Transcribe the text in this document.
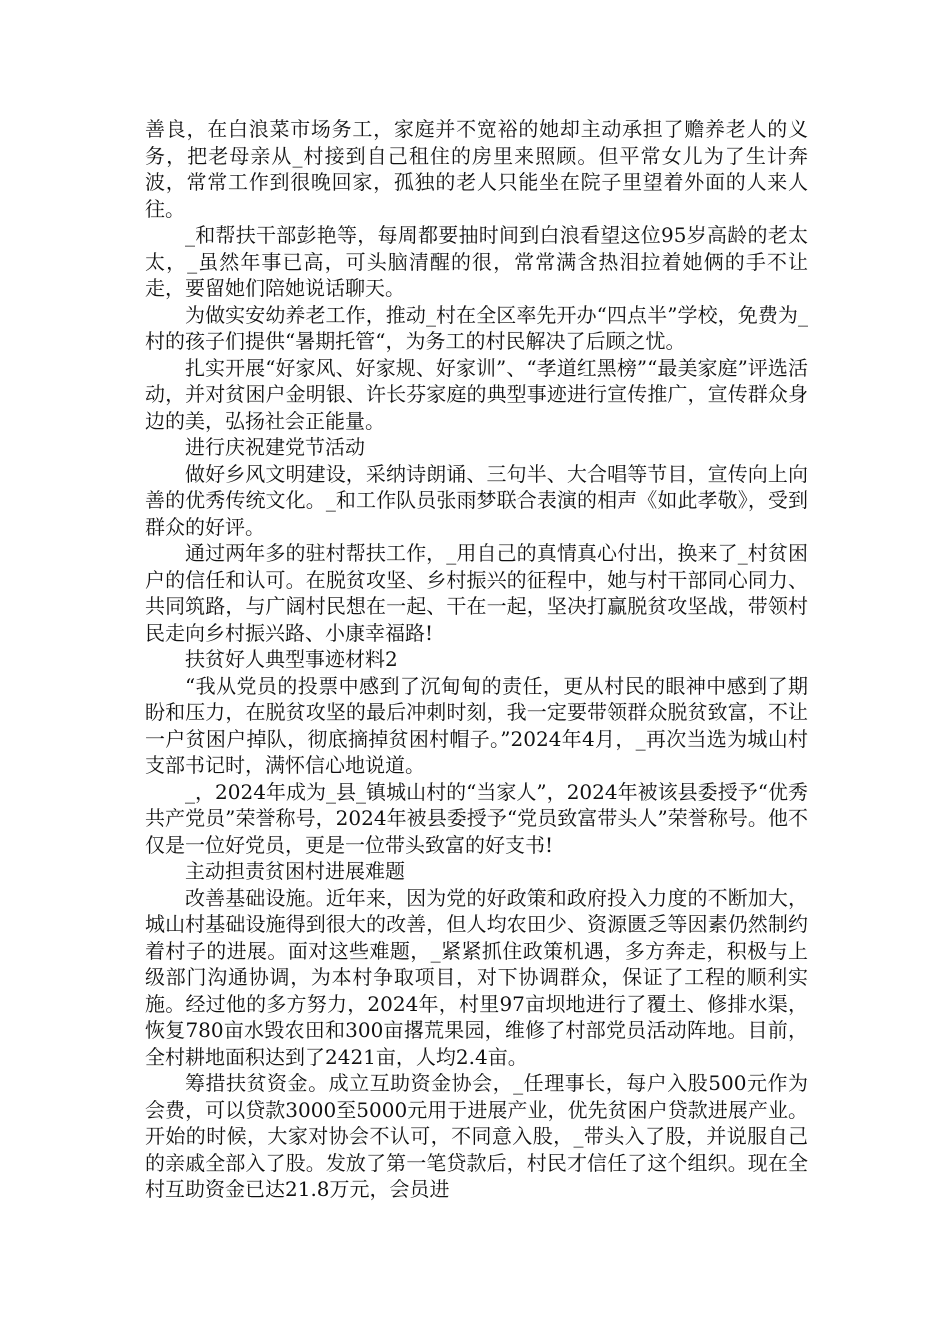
善良，在白浪菜市场务工，家庭并不宽裕的她却主动承担了赡养老人的义务，把老母亲从_村接到自己租住的房里来照顾。但平常女儿为了生计奔波，常常工作到很晚回家，孤独的老人只能坐在院子里望着外面的人来人往。

_和帮扶干部彭艳等，每周都要抽时间到白浪看望这位95岁高龄的老太太，_虽然年事已高，可头脑清醒的很，常常满含热泪拉着她俩的手不让走，要留她们陪她说话聊天。

为做实安幼养老工作，推动_村在全区率先开办“四点半”学校，免费为_村的孩子们提供“暑期托管“，为务工的村民解决了后顾之忧。

扎实开展“好家风、好家规、好家训”、“孝道红黑榜”“最美家庭”评选活动，并对贫困户金明银、许长芬家庭的典型事迹进行宣传推广，宣传群众身边的美，弘扬社会正能量。

进行庆祝建党节活动

做好乡风文明建设，采纳诗朗诵、三句半、大合唱等节目，宣传向上向善的优秀传统文化。_和工作队员张雨梦联合表演的相声《如此孝敬》，受到群众的好评。

通过两年多的驻村帮扶工作，_用自己的真情真心付出，换来了_村贫困户的信任和认可。在脱贫攻坚、乡村振兴的征程中，她与村干部同心同力、共同筑路，与广阔村民想在一起、干在一起，坚决打赢脱贫攻坚战，带领村民走向乡村振兴路、小康幸福路!

扶贫好人典型事迹材料2

“我从党员的投票中感到了沉甸甸的责任，更从村民的眼神中感到了期盼和压力，在脱贫攻坚的最后冲刺时刻，我一定要带领群众脱贫致富，不让一户贫困户掉队，彻底摘掉贫困村帽子。”2024年4月，_再次当选为城山村支部书记时，满怀信心地说道。

_，2024年成为_县_镇城山村的“当家人”，2024年被该县委授予“优秀共产党员”荣誉称号，2024年被县委授予“党员致富带头人”荣誉称号。他不仅是一位好党员，更是一位带头致富的好支书!

主动担责贫困村进展难题

改善基础设施。近年来，因为党的好政策和政府投入力度的不断加大，城山村基础设施得到很大的改善，但人均农田少、资源匮乏等因素仍然制约着村子的进展。面对这些难题，_紧紧抓住政策机遇，多方奔走，积极与上级部门沟通协调，为本村争取项目，对下协调群众，保证了工程的顺利实施。经过他的多方努力，2024年，村里97亩坝地进行了覆土、修排水渠，恢复780亩水毁农田和300亩撂荒果园，维修了村部党员活动阵地。目前，全村耕地面积达到了2421亩，人均2.4亩。

筹措扶贫资金。成立互助资金协会，_任理事长，每户入股500元作为会费，可以贷款3000至5000元用于进展产业，优先贫困户贷款进展产业。开始的时候，大家对协会不认可，不同意入股，_带头入了股，并说服自己的亲戚全部入了股。发放了第一笔贷款后，村民才信任了这个组织。现在全村互助资金已达21.8万元，会员进
